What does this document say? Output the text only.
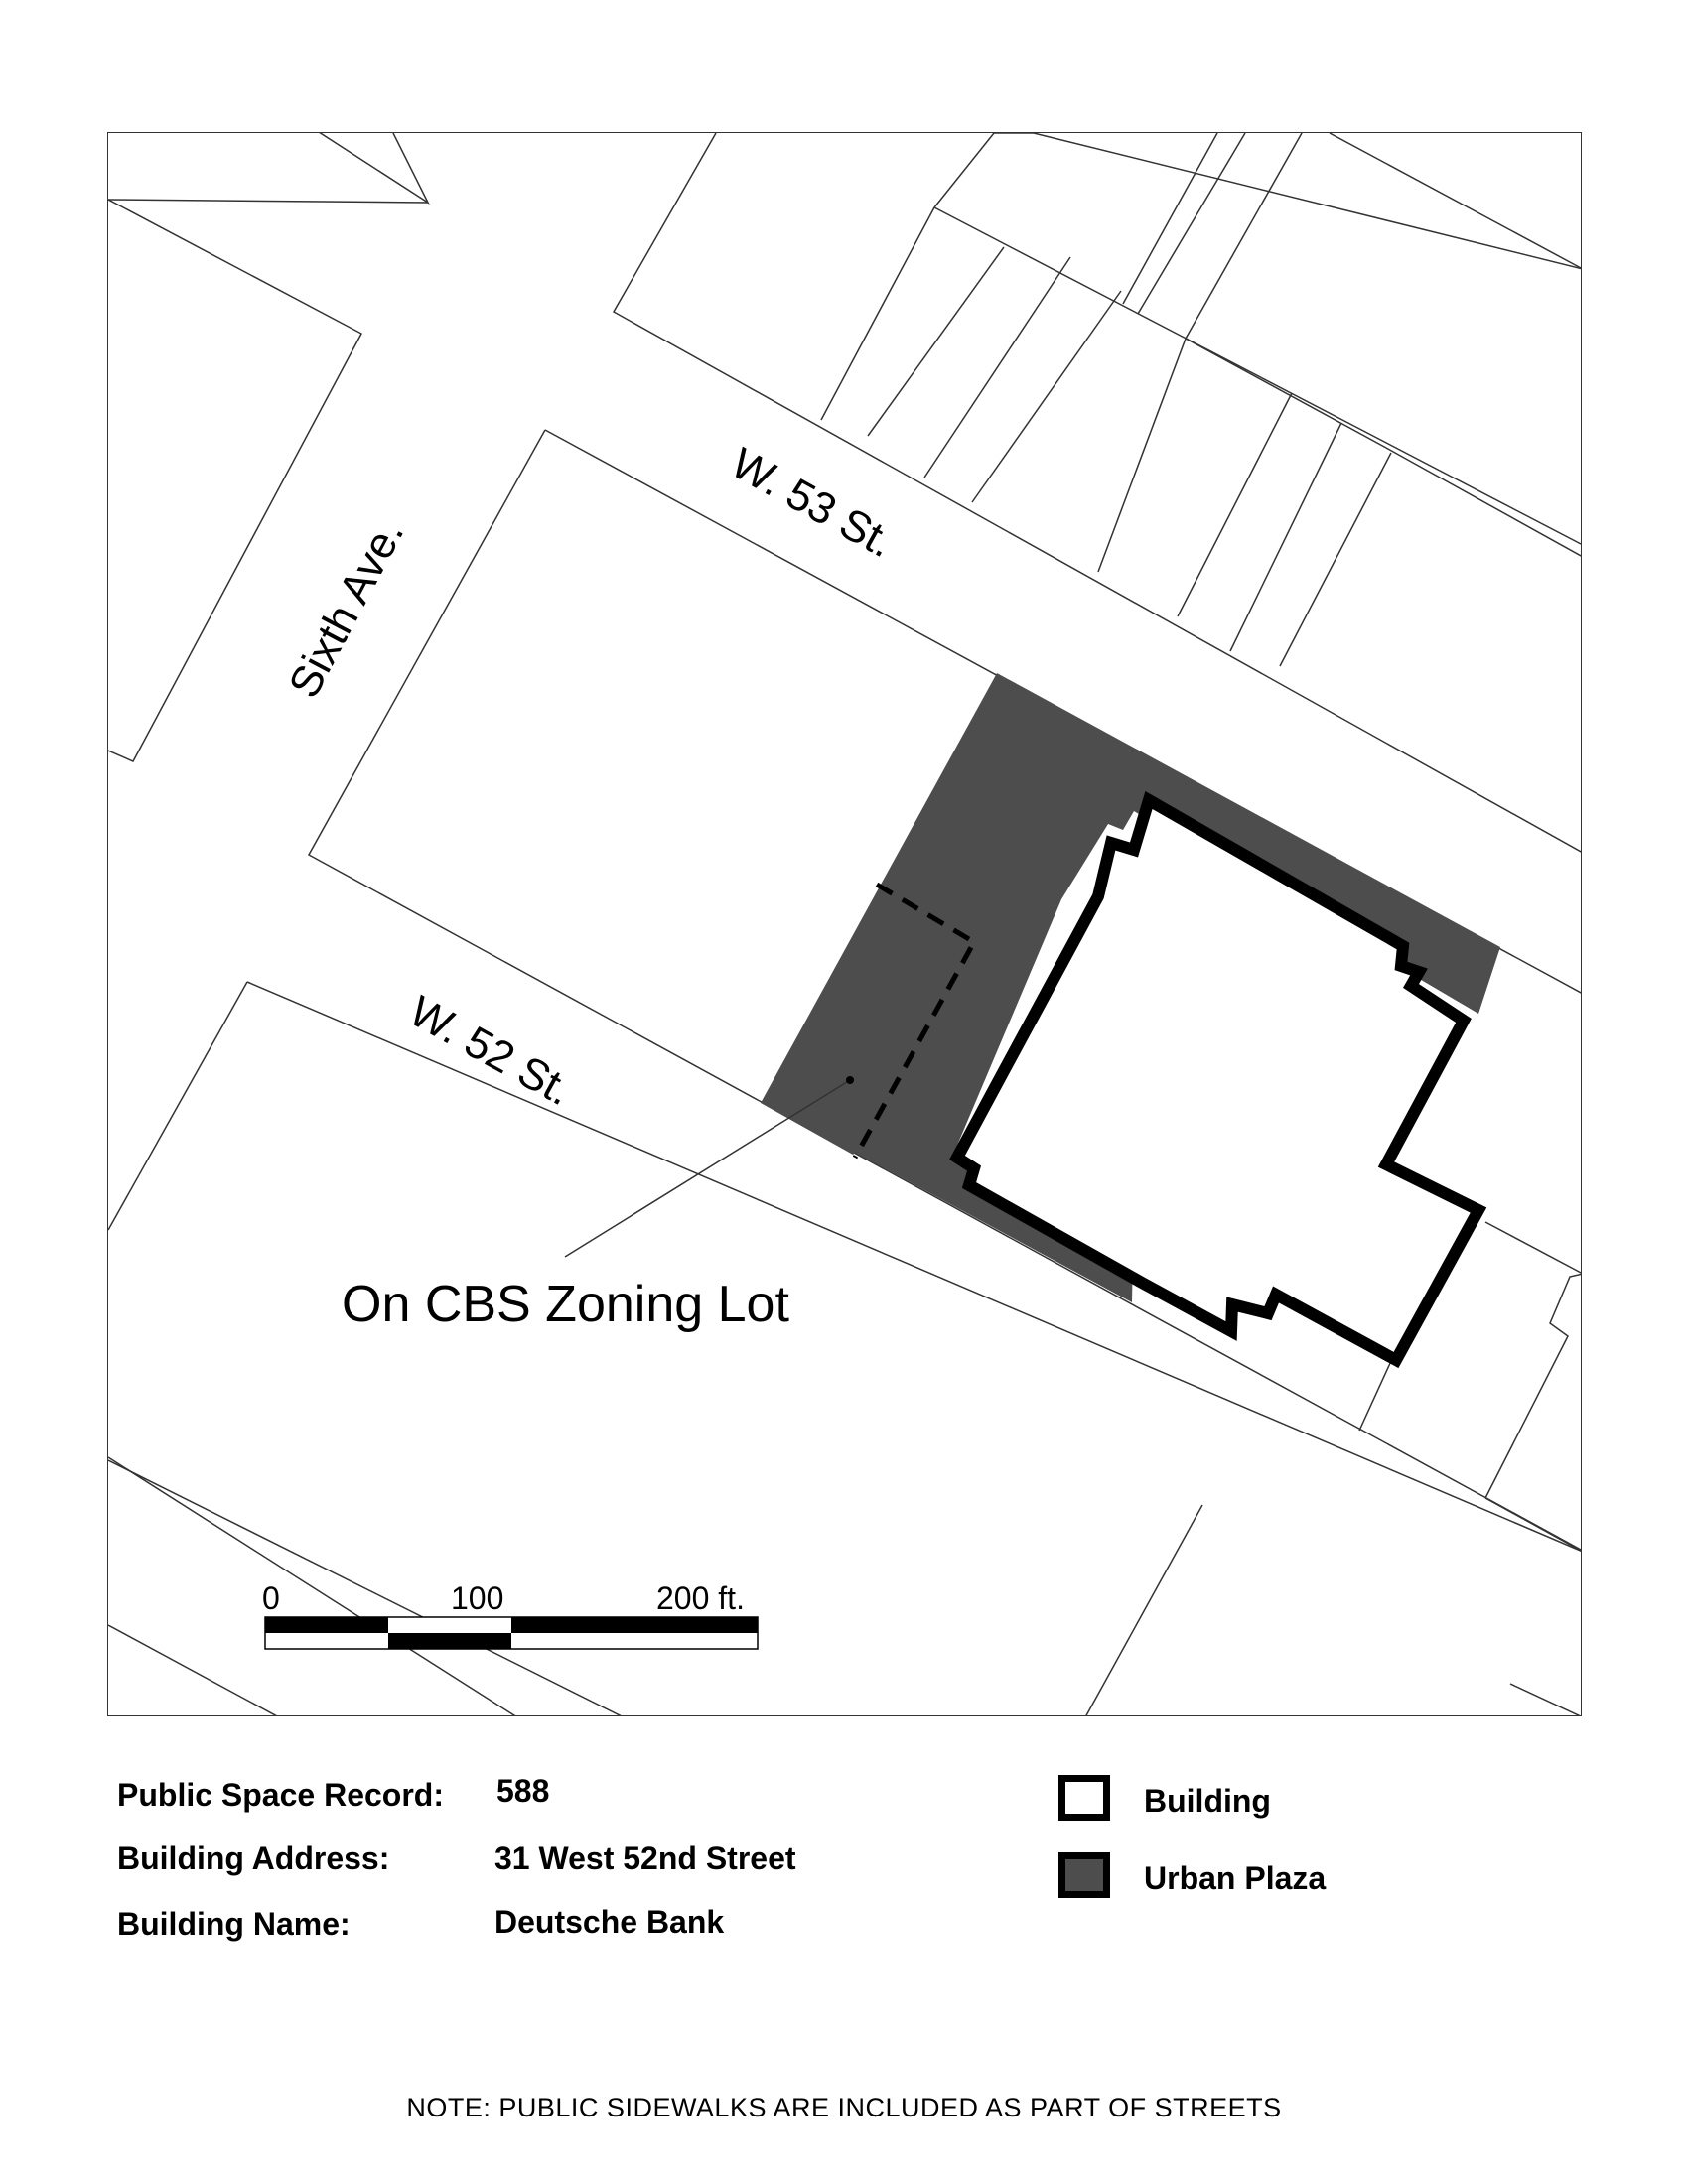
W. 53 St.
W. 52 St.
Sixth Ave.
On CBS Zoning Lot
0	100	200 ft.
Public Space Record: 588
Building Address:	31 West 52nd Street
Building Name:	Deutsche Bank
Building
Urban Plaza
NOTE: PUBLIC SIDEWALKS ARE INCLUDED AS PART OF STREETS
